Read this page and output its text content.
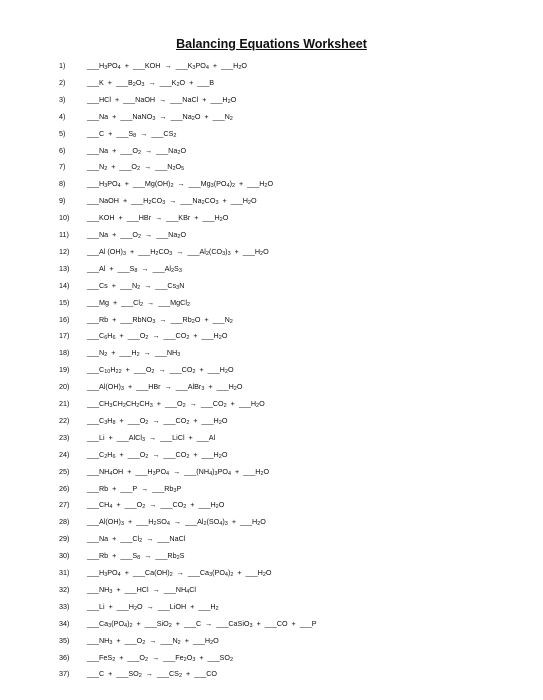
Balancing Equations Worksheet
1)	$\_\_\_H_3PO_4$  +  ___KOH  →  $\_\_\_K_3PO_4$  +  $\_\_\_H_2O$
2)	___K  +  $\_\_\_B_2O_3$  →  $\_\_\_K_2O$  +  ___B
3)	___HCl  +  ___NaOH  →  ___NaCl  +  $\_\_\_H_2O$
4)	___Na  +  ___NaNO$_3$  →  $\_\_\_Na_2O$  +  $\_\_\_N_2$
5)	___C  +  $\_\_\_S_8$  →  $\_\_\_CS_2$
6)	___Na  +  $\_\_\_O_2$  →  $\_\_\_Na_2O$
7)	$\_\_\_N_2$  +  $\_\_\_O_2$  →  $\_\_\_N_2O_5$
8)	$\_\_\_H_3PO_4$  +  $\_\_\_Mg(OH)_2$  →  $\_\_\_Mg_3(PO_4)_2$  +  $\_\_\_H_2O$
9)	___NaOH  +  $\_\_\_H_2CO_3$  →  $\_\_\_Na_2CO_3$  +  $\_\_\_H_2O$
10) ___KOH  +  ___HBr  →  ___KBr  +  $\_\_\_H_2O$
11)	___Na  +  $\_\_\_O_2$  →  $\_\_\_Na_2O$
12) ___Al $(OH)_3$  +  $\_\_\_H_2CO_3$  →  $\_\_\_Al_2(CO_3)_3$  +  $\_\_\_H_2O$
13) ___Al  +  $\_\_\_S_8$  →  $\_\_\_Al_2S_3$
14) ___Cs  +  $\_\_\_N_2$  →  $\_\_\_Cs_3N$
15) ___Mg  +  $\_\_\_Cl_2$  →  ___MgCl$_2$
16) ___Rb  +  ___RbNO$_3$  →  $\_\_\_Rb_2O$  +  $\_\_\_N_2$
17) $\_\_\_C_6H_6$  +  $\_\_\_O_2$  →  $\_\_\_CO_2$  +  $\_\_\_H_2O$
18) $\_\_\_N_2$  +  $\_\_\_H_2$  →  $\_\_\_NH_3$
19) $\_\_\_C_{10}H_{22}$  +  $\_\_\_O_2$  →  $\_\_\_CO_2$  +  $\_\_\_H_2O$
20) $\_\_\_Al(OH)_3$  +  ___HBr  →  ___AlBr$_3$  +  $\_\_\_H_2O$
21) $\_\_\_CH_3CH_2CH_2CH_3$  +  $\_\_\_O_2$  →  $\_\_\_CO_2$  +  $\_\_\_H_2O$
22) $\_\_\_C_3H_8$  +  $\_\_\_O_2$  →  $\_\_\_CO_2$  +  $\_\_\_H_2O$
23) ___Li  +  ___AlCl$_3$  →  ___LiCl  +  ___Al
24) $\_\_\_C_2H_6$  +  $\_\_\_O_2$  →  $\_\_\_CO_2$  +  $\_\_\_H_2O$
25) $\_\_\_NH_4OH$  +  $\_\_\_H_3PO_4$  →  $\_\_\_(NH_4)_3PO_4$  +  $\_\_\_H_2O$
26) ___Rb  +  ___P  →  $\_\_\_Rb_3P$
27) $\_\_\_CH_4$  +  $\_\_\_O_2$  →  $\_\_\_CO_2$  +  $\_\_\_H_2O$
28) $\_\_\_Al(OH)_3$  +  $\_\_\_H_2SO_4$  →  $\_\_\_Al_2(SO_4)_3$  +  $\_\_\_H_2O$
29) ___Na  +  $\_\_\_Cl_2$  →  ___NaCl
30) ___Rb  +  $\_\_\_S_8$  →  $\_\_\_Rb_2S$
31) $\_\_\_H_3PO_4$  +  $\_\_\_Ca(OH)_2$  →  $\_\_\_Ca_3(PO_4)_2$  +  $\_\_\_H_2O$
32) $\_\_\_NH_3$  +  ___HCl  →  $\_\_\_NH_4Cl$
33) ___Li  +  $\_\_\_H_2O$  →  ___LiOH  +  $\_\_\_H_2$
34) $\_\_\_Ca_3(PO_4)_2$  +  ___SiO$_2$  +  ___C  →  ___CaSiO$_3$  +  ___CO  +  ___P
35) $\_\_\_NH_3$  +  $\_\_\_O_2$  →  $\_\_\_N_2$  +  $\_\_\_H_2O$
36) ___FeS$_2$  +  $\_\_\_O_2$  →  $\_\_\_Fe_2O_3$  +  $\_\_\_SO_2$
37) ___C  +  $\_\_\_SO_2$  →  $\_\_\_CS_2$  +  ___CO
